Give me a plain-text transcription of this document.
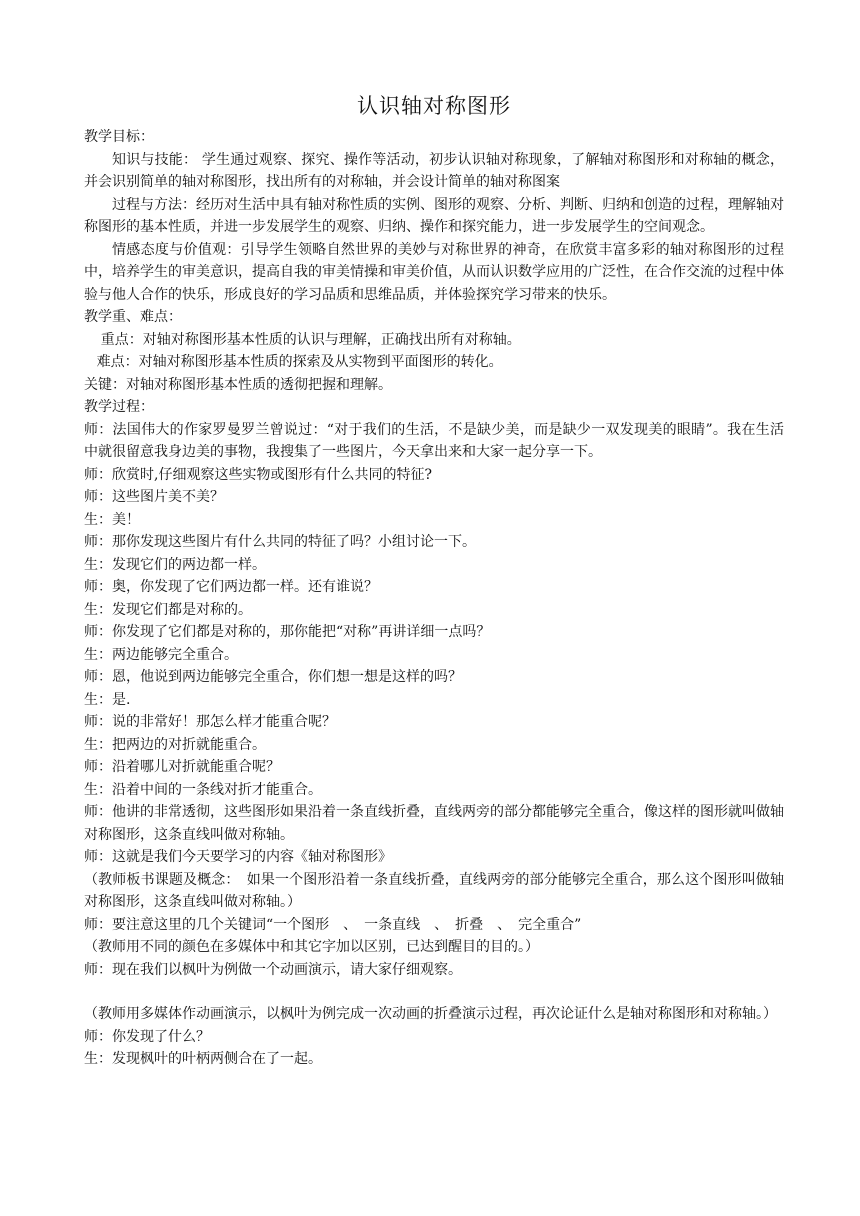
认识轴对称图形

教学目标：

知识与技能： 学生通过观察、探究、操作等活动，初步认识轴对称现象，了解轴对称图形和对称轴的概念，并会识别简单的轴对称图形，找出所有的对称轴，并会设计简单的轴对称图案

过程与方法：经历对生活中具有轴对称性质的实例、图形的观察、分析、判断、归纳和创造的过程，理解轴对称图形的基本性质，并进一步发展学生的观察、归纳、操作和探究能力，进一步发展学生的空间观念。

情感态度与价值观：引导学生领略自然世界的美妙与对称世界的神奇，在欣赏丰富多彩的轴对称图形的过程中，培养学生的审美意识，提高自我的审美情操和审美价值，从而认识数学应用的广泛性，在合作交流的过程中体验与他人合作的快乐，形成良好的学习品质和思维品质，并体验探究学习带来的快乐。

教学重、难点：

重点：对轴对称图形基本性质的认识与理解，正确找出所有对称轴。

难点：对轴对称图形基本性质的探索及从实物到平面图形的转化。

关键：对轴对称图形基本性质的透彻把握和理解。

教学过程：

师：法国伟大的作家罗曼罗兰曾说过：“对于我们的生活，不是缺少美，而是缺少一双发现美的眼睛”。我在生活中就很留意我身边美的事物，我搜集了一些图片，今天拿出来和大家一起分享一下。

师：欣赏时,仔细观察这些实物或图形有什么共同的特征?

师：这些图片美不美？

生：美！

师：那你发现这些图片有什么共同的特征了吗？小组讨论一下。

生：发现它们的两边都一样。

师：奥，你发现了它们两边都一样。还有谁说？

生：发现它们都是对称的。

师：你发现了它们都是对称的，那你能把“对称”再讲详细一点吗？

生：两边能够完全重合。

师：恩，他说到两边能够完全重合，你们想一想是这样的吗？

生：是.

师：说的非常好！那怎么样才能重合呢？

生：把两边的对折就能重合。

师：沿着哪儿对折就能重合呢？

生：沿着中间的一条线对折才能重合。

师：他讲的非常透彻，这些图形如果沿着一条直线折叠，直线两旁的部分都能够完全重合，像这样的图形就叫做轴对称图形，这条直线叫做对称轴。

师：这就是我们今天要学习的内容《轴对称图形》

（教师板书课题及概念：　如果一个图形沿着一条直线折叠，直线两旁的部分能够完全重合，那么这个图形叫做轴对称图形，这条直线叫做对称轴。）

师：要注意这里的几个关键词“一个图形　、　一条直线　、　折叠　、　完全重合”

（教师用不同的颜色在多媒体中和其它字加以区别，已达到醒目的目的。）

师：现在我们以枫叶为例做一个动画演示，请大家仔细观察。

（教师用多媒体作动画演示，以枫叶为例完成一次动画的折叠演示过程，再次论证什么是轴对称图形和对称轴。）

师：你发现了什么？

生：发现枫叶的叶柄两侧合在了一起。
